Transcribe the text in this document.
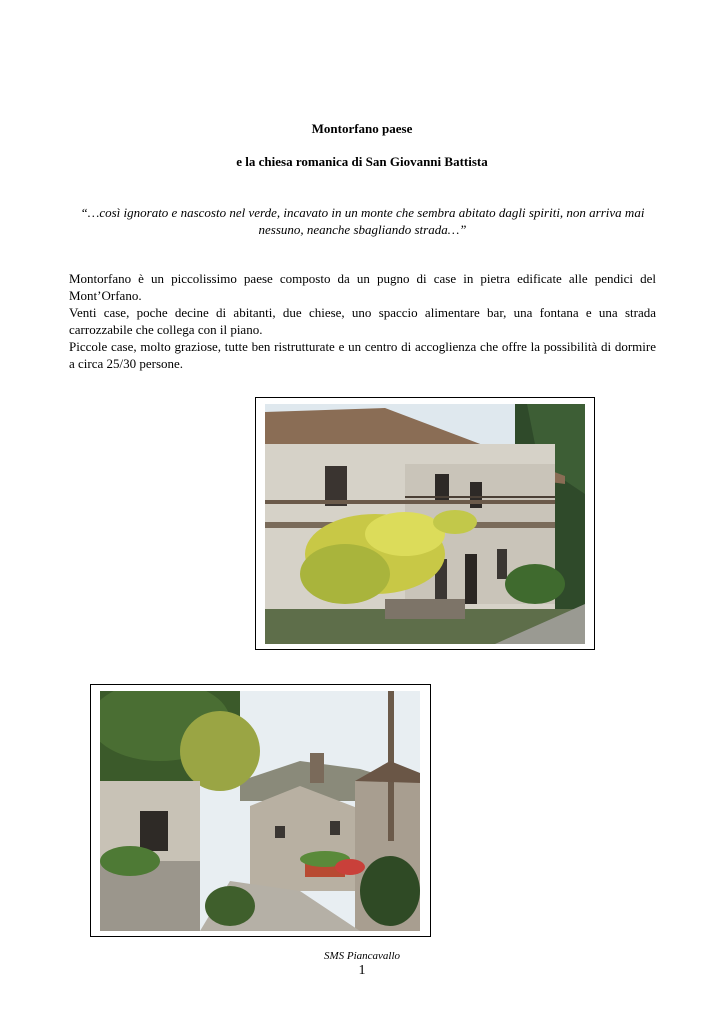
Montorfano paese
e la chiesa romanica di San Giovanni Battista
“…così ignorato e nascosto nel verde, incavato in un monte che sembra abitato dagli spiriti, non arriva mai nessuno, neanche sbagliando strada…”

Montorfano è un piccolissimo paese composto da un pugno di case in pietra edificate alle pendici del Mont’Orfano.

Venti case, poche decine di abitanti, due chiese, uno spaccio alimentare bar, una fontana e una strada carrozzabile che collega con il piano.

Piccole case, molto graziose, tutte ben ristrutturate e un centro di accoglienza che offre la possibilità di dormire a circa 25/30 persone.

SMS Piancavallo
1
